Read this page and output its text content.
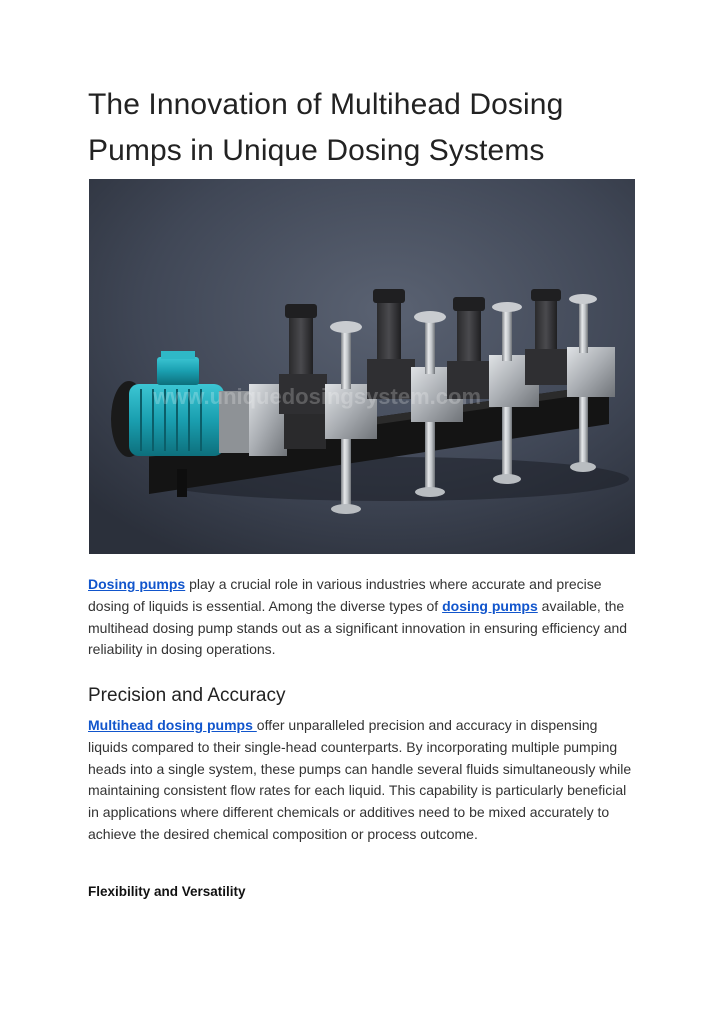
The Innovation of Multihead Dosing Pumps in Unique Dosing Systems
www.uniquedosingsystem.com

Dosing pumps play a crucial role in various industries where accurate and precise dosing of liquids is essential. Among the diverse types of dosing pumps available, the multihead dosing pump stands out as a significant innovation in ensuring efficiency and reliability in dosing operations.

Precision and Accuracy

Multihead dosing pumps offer unparalleled precision and accuracy in dispensing liquids compared to their single-head counterparts. By incorporating multiple pumping heads into a single system, these pumps can handle several fluids simultaneously while maintaining consistent flow rates for each liquid. This capability is particularly beneficial in applications where different chemicals or additives need to be mixed accurately to achieve the desired chemical composition or process outcome.

Flexibility and Versatility
